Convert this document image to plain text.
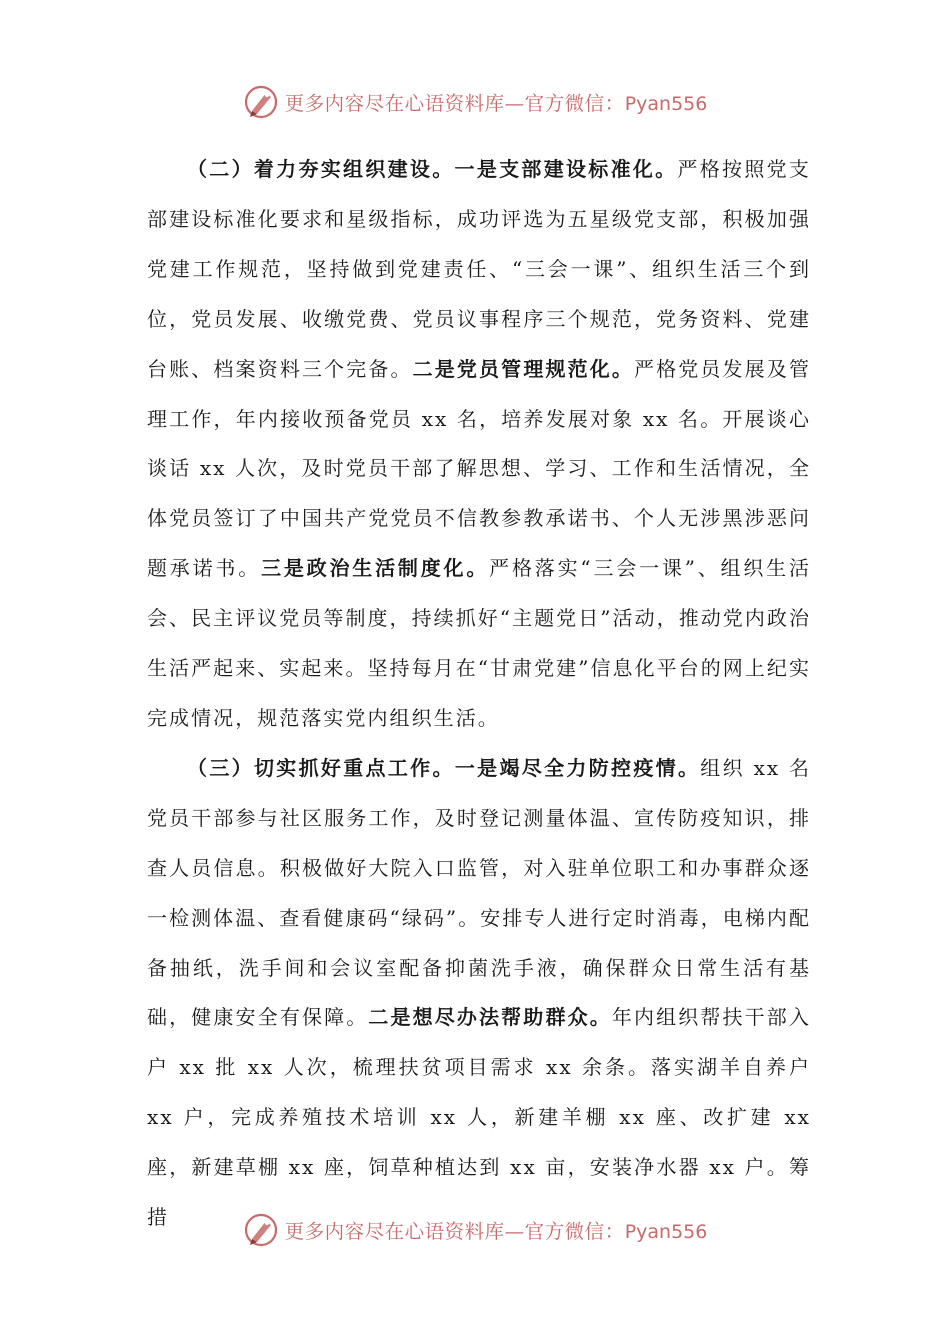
更多内容尽在心语资料库—官方微信：Pyan556

（二）着力夯实组织建设。一是支部建设标准化。严格按照党支部建设标准化要求和星级指标，成功评选为五星级党支部，积极加强党建工作规范，坚持做到党建责任、“三会一课”、组织生活三个到位，党员发展、收缴党费、党员议事程序三个规范，党务资料、党建台账、档案资料三个完备。二是党员管理规范化。严格党员发展及管理工作，年内接收预备党员 xx 名，培养发展对象 xx 名。开展谈心谈话 xx 人次，及时党员干部了解思想、学习、工作和生活情况，全体党员签订了中国共产党党员不信教参教承诺书、个人无涉黑涉恶问题承诺书。三是政治生活制度化。严格落实“三会一课”、组织生活会、民主评议党员等制度，持续抓好“主题党日”活动，推动党内政治生活严起来、实起来。坚持每月在“甘肃党建”信息化平台的网上纪实完成情况，规范落实党内组织生活。

（三）切实抓好重点工作。一是竭尽全力防控疫情。组织 xx 名党员干部参与社区服务工作，及时登记测量体温、宣传防疫知识，排查人员信息。积极做好大院入口监管，对入驻单位职工和办事群众逐一检测体温、查看健康码“绿码”。安排专人进行定时消毒，电梯内配备抽纸，洗手间和会议室配备抑菌洗手液，确保群众日常生活有基础，健康安全有保障。二是想尽办法帮助群众。年内组织帮扶干部入户 xx 批 xx 人次，梳理扶贫项目需求 xx 余条。落实湖羊自养户 xx 户，完成养殖技术培训 xx 人，新建羊棚 xx 座、改扩建 xx 座，新建草棚 xx 座，饲草种植达到 xx 亩，安装净水器 xx 户。筹措

更多内容尽在心语资料库—官方微信：Pyan556
